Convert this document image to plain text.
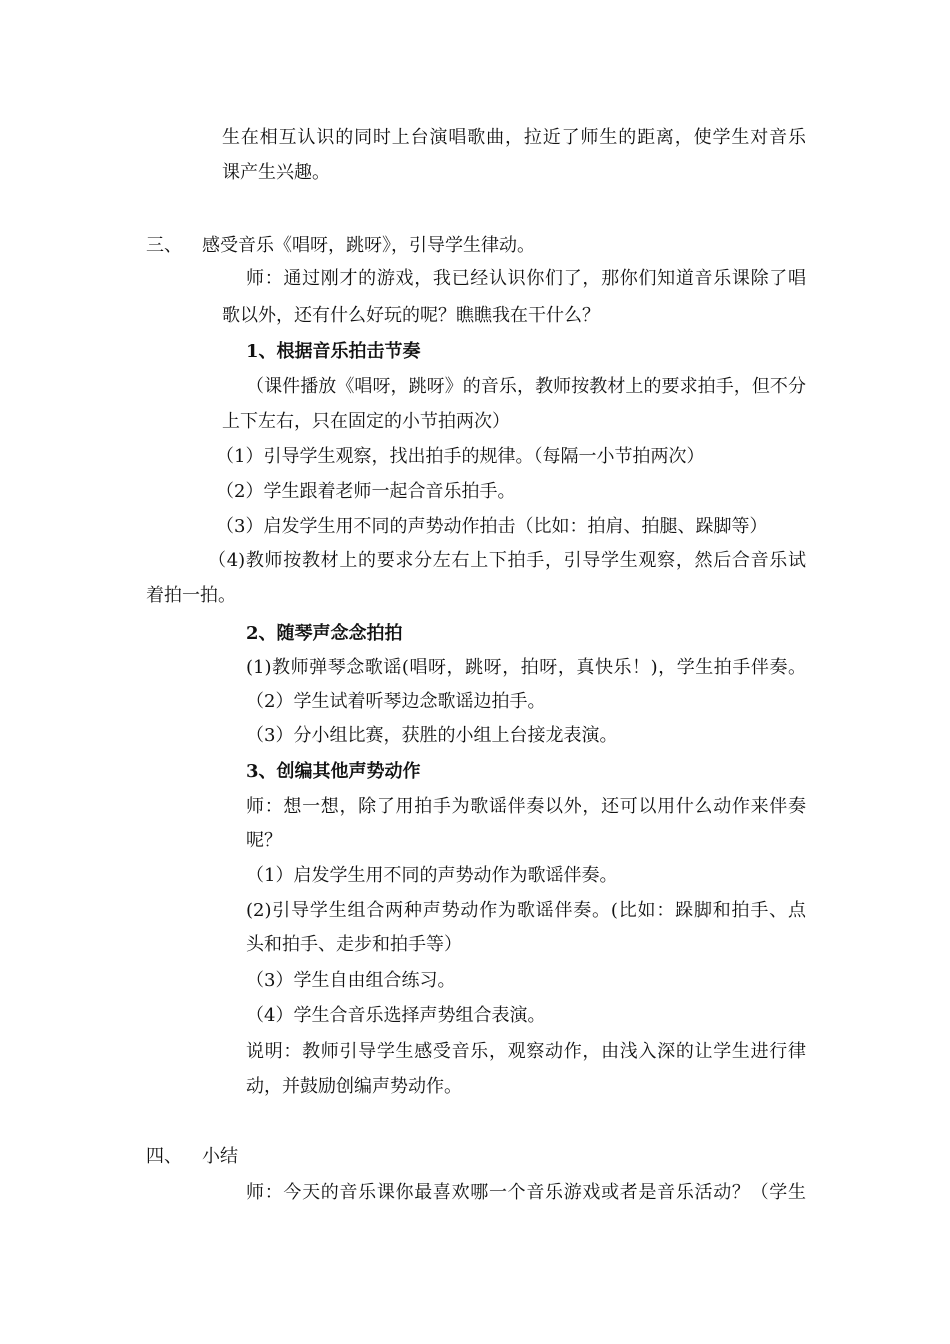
生在相互认识的同时上台演唱歌曲，拉近了师生的距离，使学生对音乐
课产生兴趣。
三、 感受音乐《唱呀，跳呀》，引导学生律动。
师：通过刚才的游戏，我已经认识你们了，那你们知道音乐课除了唱
歌以外，还有什么好玩的呢？瞧瞧我在干什么？
1、根据音乐拍击节奏
（课件播放《唱呀，跳呀》的音乐，教师按教材上的要求拍手，但不分
上下左右，只在固定的小节拍两次）
（1）引导学生观察，找出拍手的规律。（每隔一小节拍两次）
（2）学生跟着老师一起合音乐拍手。
（3）启发学生用不同的声势动作拍击（比如：拍肩、拍腿、跺脚等）
（4)教师按教材上的要求分左右上下拍手，引导学生观察，然后合音乐试
着拍一拍。
2、随琴声念念拍拍
(1)教师弹琴念歌谣(唱呀，跳呀，拍呀，真快乐！)，学生拍手伴奏。
（2）学生试着听琴边念歌谣边拍手。
（3）分小组比赛，获胜的小组上台接龙表演。
3、创编其他声势动作
师：想一想，除了用拍手为歌谣伴奏以外，还可以用什么动作来伴奏
呢？
（1）启发学生用不同的声势动作为歌谣伴奏。
(2)引导学生组合两种声势动作为歌谣伴奏。(比如：跺脚和拍手、点
头和拍手、走步和拍手等）
（3）学生自由组合练习。
（4）学生合音乐选择声势组合表演。
说明：教师引导学生感受音乐，观察动作，由浅入深的让学生进行律
动，并鼓励创编声势动作。
四、 小结
师：今天的音乐课你最喜欢哪一个音乐游戏或者是音乐活动？（学生
